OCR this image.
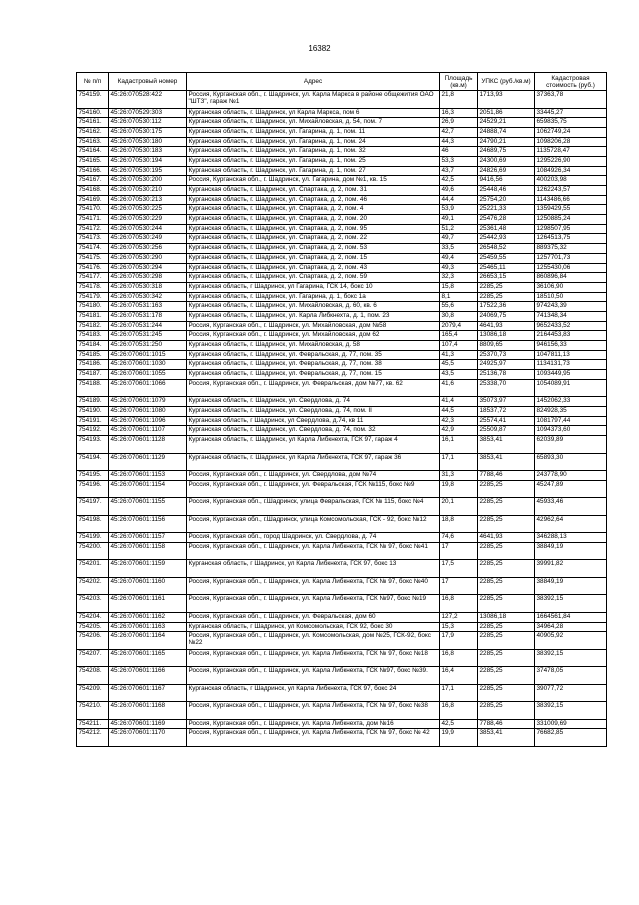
16382
№ п/п	Кадастровый номер	Адрес	Площадь (кв.м)	УПКС (руб./кв.м)	Кадастровая стоимость (руб.)
754159.	45:26:070528:422	Россия, Курганская обл., г. Шадринск, ул. Карла Маркса в районе общежития ОАО "ШТЗ", гараж №1	21,8	1713,93	37363,78
754160.	45:26:070529:303	Курганская область, г. Шадринск, ул Карла Маркса, пом 6	16,3	2051,86	33445,27
754161.	45:26:070530:112	Курганская область, г. Шадринск, ул. Михайловская, д. 54, пом. 7	26,9	24529,21	659835,75
754162.	45:26:070530:175	Курганская область, г. Шадринск, ул. Гагарина, д. 1, пом. 11	42,7	24888,74	1062749,24
754163.	45:26:070530:180	Курганская область, г. Шадринск, ул. Гагарина, д. 1, пом. 24	44,3	24790,21	1098206,28
754164.	45:26:070530:183	Курганская область, г. Шадринск, ул. Гагарина, д. 1, пом. 32	46	24689,75	1135728,47
754165.	45:26:070530:194	Курганская область, г. Шадринск, ул. Гагарина, д. 1, пом. 25	53,3	24300,69	1295226,90
754166.	45:26:070530:195	Курганская область, г. Шадринск, ул. Гагарина, д. 1, пом. 27	43,7	24826,69	1084926,34
754167.	45:26:070530:200	Россия, Курганская обл., г. Шадринск, ул. Гагарина, дом №1, кв. 15	42,5	9416,56	400203,98
754168.	45:26:070530:210	Курганская область, г. Шадринск, ул. Спартака, д. 2, пом. 31	49,6	25448,46	1262243,57
754169.	45:26:070530:213	Курганская область, г. Шадринск, ул. Спартака, д. 2, пом. 46	44,4	25754,20	1143486,66
754170.	45:26:070530:225	Курганская область, г. Шадринск, ул. Спартака, д. 2, пом. 4	53,9	25221,33	1359429,55
754171.	45:26:070530:229	Курганская область, г. Шадринск, ул. Спартака, д. 2, пом. 20	49,1	25476,28	1250885,24
754172.	45:26:070530:244	Курганская область, г. Шадринск, ул. Спартака, д. 2, пом. 95	51,2	25361,48	1298507,95
754173.	45:26:070530:249	Курганская область, г. Шадринск, ул. Спартака, д. 2, пом. 22	49,7	25442,93	1264513,75
754174.	45:26:070530:256	Курганская область, г. Шадринск, ул. Спартака, д. 2, пом. 53	33,5	26548,52	889375,32
754175.	45:26:070530:290	Курганская область, г. Шадринск, ул. Спартака, д. 2, пом. 15	49,4	25459,55	1257701,73
754176.	45:26:070530:294	Курганская область, г. Шадринск, ул. Спартака, д. 2, пом. 43	49,3	25465,11	1255430,06
754177.	45:26:070530:298	Курганская область, г. Шадринск, ул. Спартака, д. 2, пом. 59	32,3	26653,15	860896,84
754178.	45:26:070530:318	Курганская область, г Шадринск, ул Гагарина, ГСК 14, бокс 10	15,8	2285,25	36106,90
754179.	45:26:070530:342	Курганская область, г. Шадринск, ул. Гагарина, д. 1, бокс 1а	8,1	2285,25	18510,50
754180.	45:26:070531:163	Курганская область, г. Шадринск, ул. Михайловская, д. 60, кв. 6	55,6	17522,36	974243,39
754181.	45:26:070531:178	Курганская область, г. Шадринск, ул. Карла Либкнехта, д. 1, пом. 23	30,8	24069,75	741348,34
754182.	45:26:070531:244	Россия, Курганская обл., г. Шадринск, ул. Михайловская, дом №58	2079,4	4641,93	9652433,52
754183.	45:26:070531:245	Россия, Курганская обл., г. Шадринск, ул. Михайловская, дом 62	165,4	13086,18	2164453,83
754184.	45:26:070531:250	Курганская область, г. Шадринск, ул. Михайловская, д. 58	107,4	8809,65	946156,33
754185.	45:26:070601:1015	Курганская область, г. Шадринск, ул. Февральская, д. 77, пом. 35	41,3	25370,73	1047811,13
754186.	45:26:070601:1030	Курганская область, г. Шадринск, ул. Февральская, д. 77, пом. 38	45,5	24925,97	1134131,73
754187.	45:26:070601:1055	Курганская область, г. Шадринск, ул. Февральская, д. 77, пом. 15	43,5	25136,78	1093449,95
754188.	45:26:070601:1066	Россия, Курганская обл., г. Шадринск, ул. Февральская, дом №77, кв. 62	41,6	25338,70	1054089,91
754189.	45:26:070601:1079	Курганская область, г. Шадринск, ул. Свердлова, д. 74	41,4	35073,97	1452062,33
754190.	45:26:070601:1080	Курганская область, г. Шадринск, ул. Свердлова, д. 74, пом. II	44,5	18537,72	824928,35
754191.	45:26:070601:1096	Курганская область, г Шадринск, ул Свердлова, д.74, кв 11	42,3	25574,41	1081797,44
754192.	45:26:070601:1107	Курганская область, г. Шадринск, ул. Свердлова, д. 74, пом. 32	42,9	25509,87	1094373,60
754193.	45:26:070601:1128	Курганская область, г. Шадринск, ул Карла Либкнехта, ГСК 97, гараж 4	16,1	3853,41	62039,89
754194.	45:26:070601:1129	Курганская область, г. Шадринск, ул Карла Либкнехта, ГСК 97, гараж 36	17,1	3853,41	65893,30
754195.	45:26:070601:1153	Россия, Курганская обл., г. Шадринск, ул. Свердлова, дом №74	31,3	7788,46	243778,90
754196.	45:26:070601:1154	Россия, Курганская обл., г. Шадринск, ул. Февральская, ГСК №115, бокс №9	19,8	2285,25	45247,89
754197.	45:26:070601:1155	Россия, Курганская обл., г.Шадринск, улица Февральская, ГСК № 115, бокс №4	20,1	2285,25	45933,46
754198.	45:26:070601:1156	Россия, Курганская обл., г.Шадринск, улица Комсомольская, ГСК - 92, бокс №12	18,8	2285,25	42962,64
754199.	45:26:070601:1157	Россия, Курганская обл., город Шадринск, ул. Свердлова, д. 74	74,6	4641,93	346288,13
754200.	45:26:070601:1158	Россия, Курганская обл., г. Шадринск, ул. Карла Либкнехта, ГСК № 97, бокс №41	17	2285,25	38849,19
754201.	45:26:070601:1159	Курганская область, г Шадринск, ул Карла Либкнехта, ГСК 97, бокс 13	17,5	2285,25	39991,82
754202.	45:26:070601:1160	Россия, Курганская обл., г. Шадринск, ул. Карла Либкнехта, ГСК № 97, бокс №40	17	2285,25	38849,19
754203.	45:26:070601:1161	Россия, Курганская обл., г. Шадринск, ул. Карла Либкнехта, ГСК №97, бокс №19	16,8	2285,25	38392,15
754204.	45:26:070601:1162	Россия, Курганская обл., г. Шадринск, ул. Февральская, дом 60	127,2	13086,18	1664561,84
754205.	45:26:070601:1163	Курганская область, г Шадринск, ул Комсомольская, ГСК 92, бокс 30	15,3	2285,25	34964,28
754206.	45:26:070601:1164	Россия, Курганская обл., г. Шадринск, ул. Комсомольская, дом №25, ГСК-92, бокс №22	17,9	2285,25	40905,92
754207.	45:26:070601:1165	Россия, Курганская обл., г. Шадринск, ул. Карла Либкнехта, ГСК № 97, бокс №18	16,8	2285,25	38392,15
754208.	45:26:070601:1166	Россия, Курганская обл., г. Шадринск, ул. Карла Либкнехта, ГСК №97, бокс №39.	16,4	2285,25	37478,05
754209.	45:26:070601:1167	Курганская область, г Шадринск, ул Карла Либкнехта, ГСК 97, бокс 24	17,1	2285,25	39077,72
754210.	45:26:070601:1168	Россия, Курганская обл., г. Шадринск, ул. Карла Либкнехта, ГСК № 97, бокс №38	16,8	2285,25	38392,15
754211.	45:26:070601:1169	Россия, Курганская обл., г. Шадринск, ул. Карла Либкнехта, дом №16	42,5	7788,46	331009,69
754212.	45:26:070601:1170	Россия, Курганская обл., г. Шадринск, ул. Карла Либкнехта, ГСК № 97, бокс № 42	19,9	3853,41	76682,85
